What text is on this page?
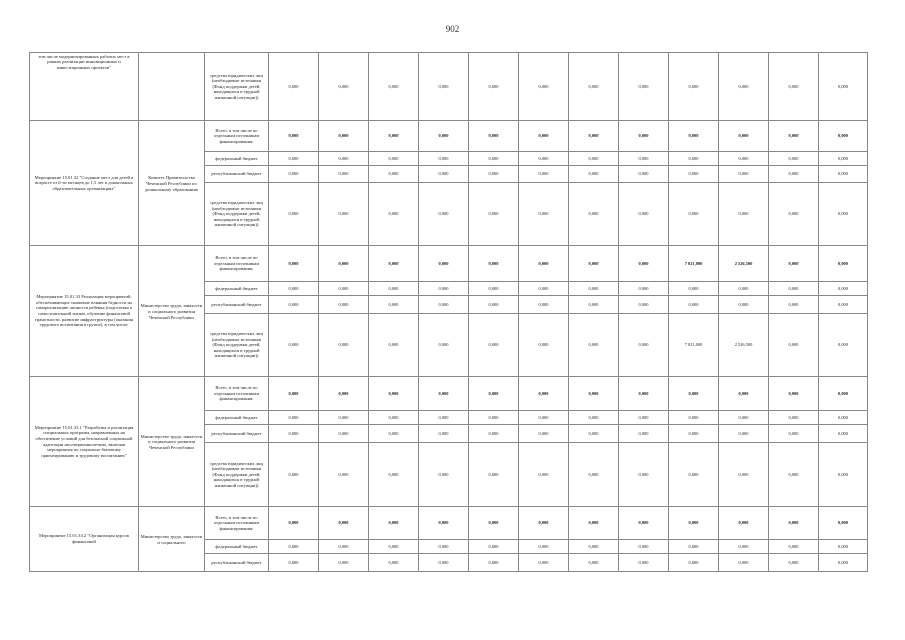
902
том числе модернизированных рабочих мест в рамках реализации инновационных и инвестиционных проектов"		средства юридических лиц (необходимые источники (Фонд поддержки детей, находящихся в трудной жизненной ситуации))	0,000	0,000	0,000	0,000	0,000	0,000	0,000	0,000	0,000	0,000	0,000	0,000
Мероприятие 15.01.32 "Создание мест для детей в возрасте от 6-ти месяцев до 1,5 лет в дошкольных образовательных организациях"	Комитет Правительства Чеченской Республики по дошкольному образованию	Всего, в том числе по отдельным источникам финансирования:	0,000	0,000	0,000	0,000	0,000	0,000	0,000	0,000	0,000	0,000	0,000	0,000
		федеральный бюджет	0,000	0,000	0,000	0,000	0,000	0,000	0,000	0,000	0,000	0,000	0,000	0,000
		республиканский бюджет	0,000	0,000	0,000	0,000	0,000	0,000	0,000	0,000	0,000	0,000	0,000	0,000
		средства юридических лиц (необходимые источники (Фонд поддержки детей, находящихся в трудной жизненной ситуации))	0,000	0,000	0,000	0,000	0,000	0,000	0,000	0,000	0,000	0,000	0,000	0,000
Мероприятие 15.01.33 Реализация мероприятий, обеспечивающих снижение влияния бедности на самореализацию личности ребенка (подготовка к самостоятельной жизни, обучение финансовой грамотности, развитие инфраструктуры (оказания трудового воспитания в группе), в том числе:	Министерство труда, занятости и социального развития Чеченской Республики	Всего, в том числе по отдельным источникам финансирования:	0,000	0,000	0,000	0,000	0,000	0,000	0,000	0,000	7 021,000	2 526,500	0,000	0,000
		федеральный бюджет	0,000	0,000	0,000	0,000	0,000	0,000	0,000	0,000	0,000	0,000	0,000	0,000
		республиканский бюджет	0,000	0,000	0,000	0,000	0,000	0,000	0,000	0,000	0,000	0,000	0,000	0,000
		средства юридических лиц (необходимые источники (Фонд поддержки детей, находящихся в трудной жизненной ситуации))	0,000	0,000	0,000	0,000	0,000	0,000	0,000	0,000	7 021,000	2 526,500	0,000	0,000
Мероприятие 15.01.33.1 "Разработка и реализация специальных программ, направленных на обеспечение условий для безопасной социальной адаптации несовершеннолетних, включая мероприятия по социально-бытовому ориентированию и трудовому воспитанию"	Министерство труда, занятости и социального развития Чеченской Республики	Всего, в том числе по отдельным источникам финансирования:	0,000	0,000	0,000	0,000	0,000	0,000	0,000	0,000	0,000	0,000	0,000	0,000
		федеральный бюджет	0,000	0,000	0,000	0,000	0,000	0,000	0,000	0,000	0,000	0,000	0,000	0,000
		республиканский бюджет	0,000	0,000	0,000	0,000	0,000	0,000	0,000	0,000	0,000	0,000	0,000	0,000
		средства юридических лиц (необходимые источники (Фонд поддержки детей, находящихся в трудной жизненной ситуации))	0,000	0,000	0,000	0,000	0,000	0,000	0,000	0,000	0,000	0,000	0,000	0,000
Мероприятие 15.01.33.2 "Организация курсов финансовой	Министерство труда, занятости и социального	Всего, в том числе по отдельным источникам финансирования:	0,000	0,000	0,000	0,000	0,000	0,000	0,000	0,000	0,000	0,000	0,000	0,000
		федеральный бюджет	0,000	0,000	0,000	0,000	0,000	0,000	0,000	0,000	0,000	0,000	0,000	0,000
		республиканский бюджет	0,000	0,000	0,000	0,000	0,000	0,000	0,000	0,000	0,000	0,000	0,000	0,000
